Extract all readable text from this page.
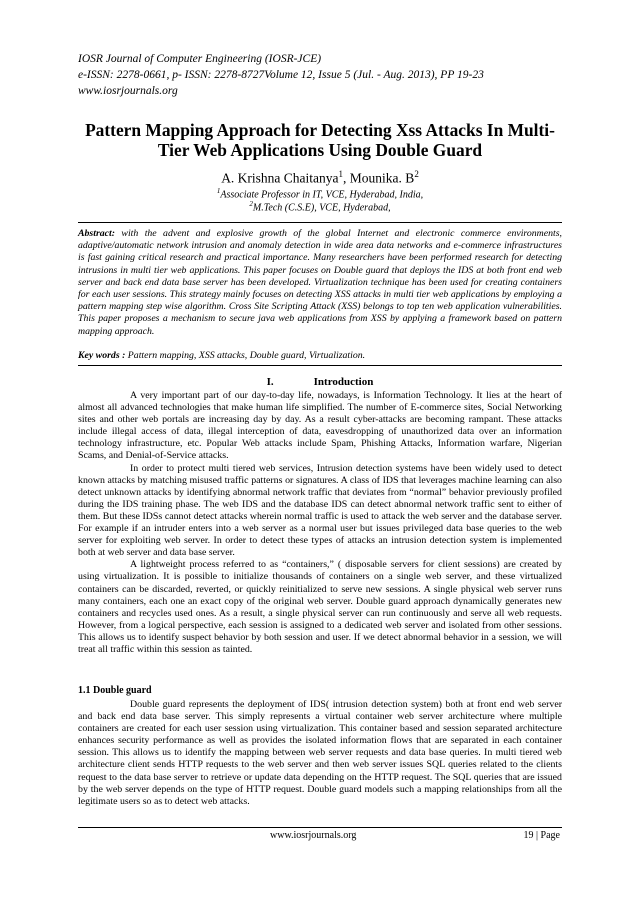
IOSR Journal of Computer Engineering (IOSR-JCE)
e-ISSN: 2278-0661, p- ISSN: 2278-8727Volume 12, Issue 5 (Jul. - Aug. 2013), PP 19-23
www.iosrjournals.org
Pattern Mapping Approach for Detecting Xss Attacks In Multi-Tier Web Applications Using Double Guard
A. Krishna Chaitanya$^1$, Mounika. $B^2$
$^1$Associate Professor in IT, VCE, Hyderabad, India,
$^2$M.Tech (C.S.E), VCE, Hyderabad,
Abstract: with the advent and explosive growth of the global Internet and electronic commerce environments, adaptive/automatic network intrusion and anomaly detection in wide area data networks and e-commerce infrastructures is fast gaining critical research and practical importance. Many researchers have been performed research for detecting intrusions in multi tier web applications. This paper focuses on Double guard that deploys the IDS at both front end web server and back end data base server has been developed. Virtualization technique has been used for creating containers for each user sessions. This strategy mainly focuses on detecting XSS attacks in multi tier web applications by employing a pattern mapping step wise algorithm. Cross Site Scripting Attack (XSS) belongs to top ten web application vulnerabilities. This paper proposes a mechanism to secure java web applications from XSS by applying a framework based on pattern mapping approach.
Key words : Pattern mapping, XSS attacks, Double guard, Virtualization.
I.	Introduction

A very important part of our day-to-day life, nowadays, is Information Technology. It lies at the heart of almost all advanced technologies that make human life simplified. The number of E-commerce sites, Social Networking sites and other web portals are increasing day by day. As a result cyber-attacks are becoming rampant. These attacks include illegal access of data, illegal interception of data, eavesdropping of unauthorized data over an information technology infrastructure, etc. Popular Web attacks include Spam, Phishing Attacks, Information warfare, Nigerian Scams, and Denial-of-Service attacks.

In order to protect multi tiered web services, Intrusion detection systems have been widely used to detect known attacks by matching misused traffic patterns or signatures. A class of IDS that leverages machine learning can also detect unknown attacks by identifying abnormal network traffic that deviates from “normal” behavior previously profiled during the IDS training phase. The web IDS and the database IDS can detect abnormal network traffic sent to either of them. But these IDSs cannot detect attacks wherein normal traffic is used to attack the web server and the database server. For example if an intruder enters into a web server as a normal user but issues privileged data base queries to the web server for exploiting web server. In order to detect these types of attacks an intrusion detection system is implemented both at web server and data base server.

A lightweight process referred to as “containers,” ( disposable servers for client sessions) are created by using virtualization. It is possible to initialize thousands of containers on a single web server, and these virtualized containers can be discarded, reverted, or quickly reinitialized to serve new sessions. A single physical web server runs many containers, each one an exact copy of the original web server. Double guard approach dynamically generates new containers and recycles used ones. As a result, a single physical server can run continuously and serve all web requests. However, from a logical perspective, each session is assigned to a dedicated web server and isolated from other sessions. This allows us to identify suspect behavior by both session and user. If we detect abnormal behavior in a session, we will treat all traffic within this session as tainted.

1.1 Double guard

Double guard represents the deployment of IDS( intrusion detection system) both at front end web server and back end data base server. This simply represents a virtual container web server architecture where multiple containers are created for each user session using virtualization. This container based and session separated architecture enhances security performance as well as provides the isolated information flows that are separated in each container session. This allows us to identify the mapping between web server requests and data base queries. In multi tiered web architecture client sends HTTP requests to the web server and then web server issues SQL queries related to the clients request to the data base server to retrieve or update data depending on the HTTP request. The SQL queries that are issued by the web server depends on the type of HTTP request. Double guard models such a mapping relationships from all the legitimate users so as to detect web attacks.

www.iosrjournals.org	19 | Page
